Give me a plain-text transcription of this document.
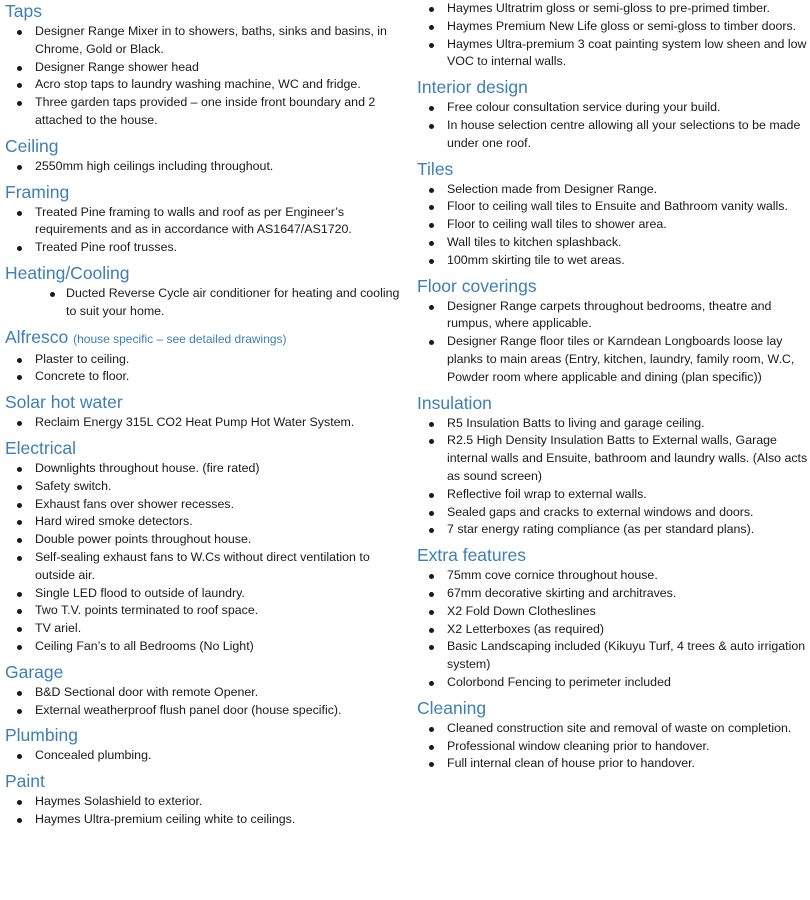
Taps
Designer Range Mixer in to showers, baths, sinks and basins, in Chrome, Gold or Black.
Designer Range shower head
Acro stop taps to laundry washing machine, WC and fridge.
Three garden taps provided – one inside front boundary and 2 attached to the house.
Ceiling
2550mm high ceilings including throughout.
Framing
Treated Pine framing to walls and roof as per Engineer’s requirements and as in accordance with AS1647/AS1720.
Treated Pine roof trusses.
Heating/Cooling
Ducted Reverse Cycle air conditioner for heating and cooling to suit your home.
Alfresco (house specific – see detailed drawings)
Plaster to ceiling.
Concrete to floor.
Solar hot water
Reclaim Energy 315L CO2 Heat Pump Hot Water System.
Electrical
Downlights throughout house. (fire rated)
Safety switch.
Exhaust fans over shower recesses.
Hard wired smoke detectors.
Double power points throughout house.
Self-sealing exhaust fans to W.Cs without direct ventilation to outside air.
Single LED flood to outside of laundry.
Two T.V. points terminated to roof space.
TV ariel.
Ceiling Fan’s to all Bedrooms (No Light)
Garage
B&D Sectional door with remote Opener.
External weatherproof flush panel door (house specific).
Plumbing
Concealed plumbing.
Paint
Haymes Solashield to exterior.
Haymes Ultra-premium ceiling white to ceilings.
Haymes Ultratrim gloss or semi-gloss to pre-primed timber.
Haymes Premium New Life gloss or semi-gloss to timber doors.
Haymes Ultra-premium 3 coat painting system low sheen and low VOC to internal walls.
Interior design
Free colour consultation service during your build.
In house selection centre allowing all your selections to be made under one roof.
Tiles
Selection made from Designer Range.
Floor to ceiling wall tiles to Ensuite and Bathroom vanity walls.
Floor to ceiling wall tiles to shower area.
Wall tiles to kitchen splashback.
100mm skirting tile to wet areas.
Floor coverings
Designer Range carpets throughout bedrooms, theatre and rumpus, where applicable.
Designer Range floor tiles or Karndean Longboards loose lay planks to main areas (Entry, kitchen, laundry, family room, W.C, Powder room where applicable and dining (plan specific))
Insulation
R5 Insulation Batts to living and garage ceiling.
R2.5 High Density Insulation Batts to External walls, Garage internal walls and Ensuite, bathroom and laundry walls. (Also acts as sound screen)
Reflective foil wrap to external walls.
Sealed gaps and cracks to external windows and doors.
7 star energy rating compliance (as per standard plans).
Extra features
75mm cove cornice throughout house.
67mm decorative skirting and architraves.
X2 Fold Down Clotheslines
X2 Letterboxes (as required)
Basic Landscaping included (Kikuyu Turf, 4 trees & auto irrigation system)
Colorbond Fencing to perimeter included
Cleaning
Cleaned construction site and removal of waste on completion.
Professional window cleaning prior to handover.
Full internal clean of house prior to handover.
